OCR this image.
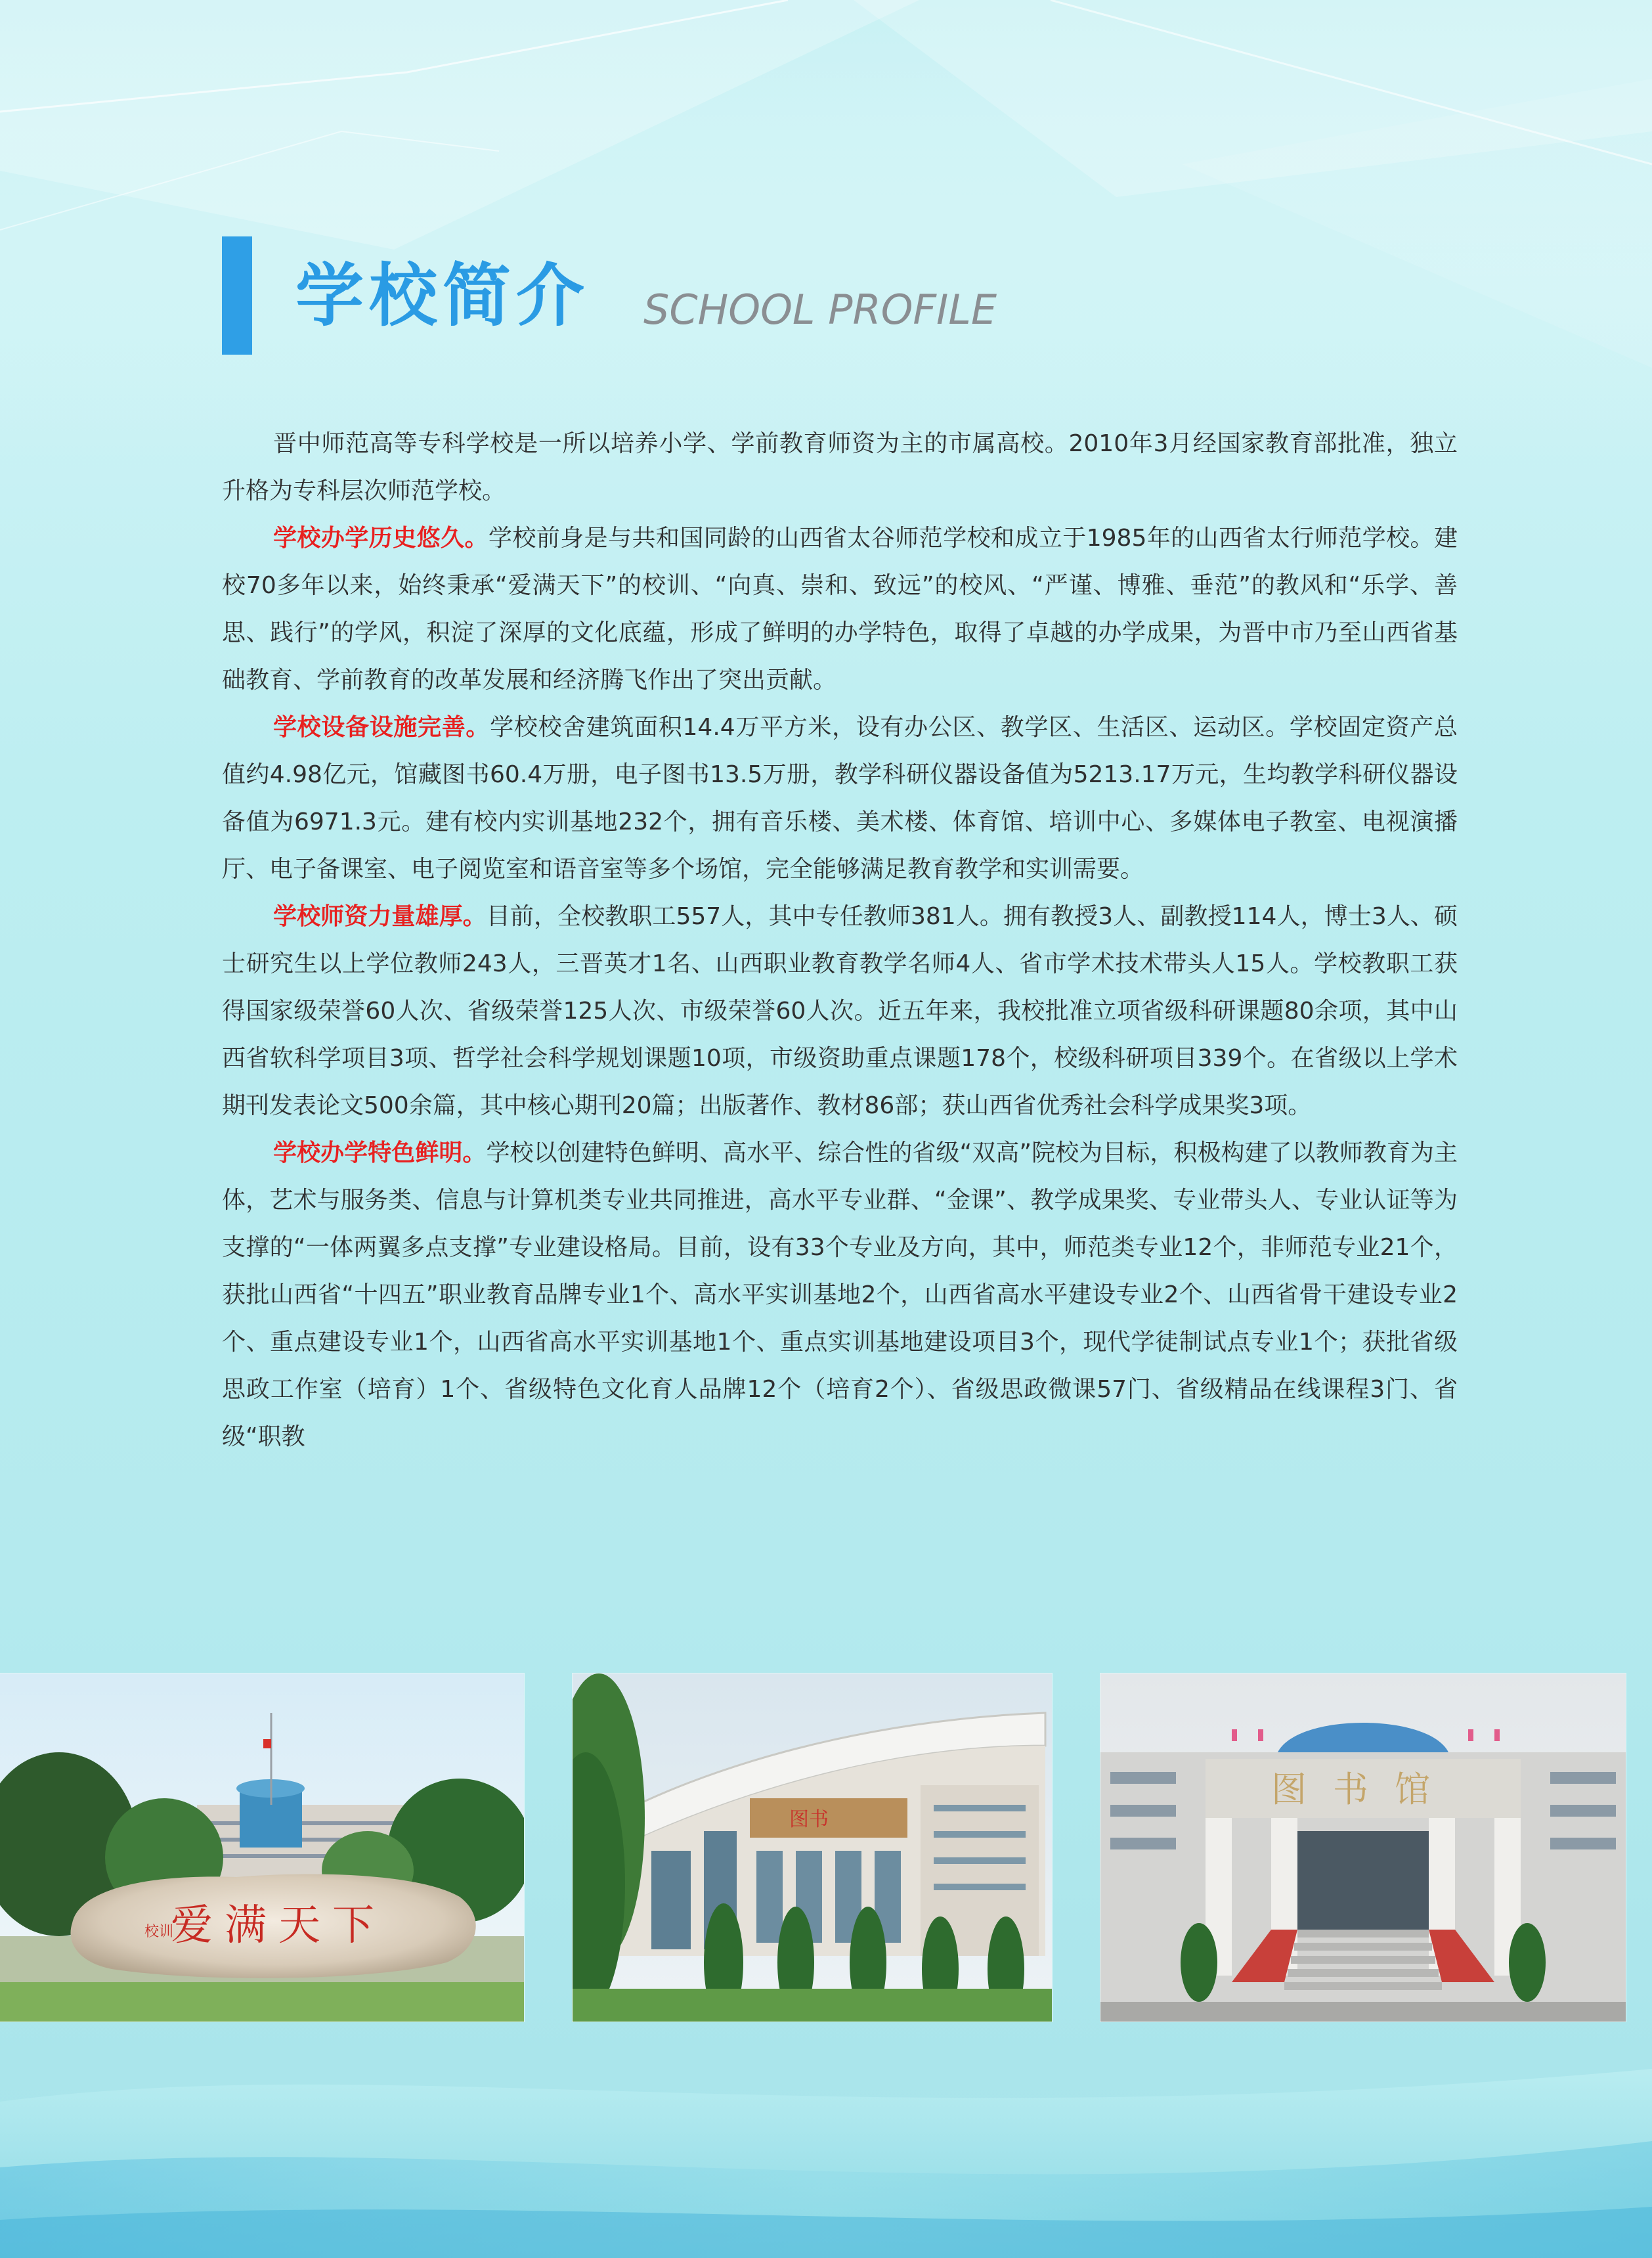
学校简介 SCHOOL PROFILE

晋中师范高等专科学校是一所以培养小学、学前教育师资为主的市属高校。2010年3月经国家教育部批准，独立升格为专科层次师范学校。

学校办学历史悠久。学校前身是与共和国同龄的山西省太谷师范学校和成立于1985年的山西省太行师范学校。建校70多年以来，始终秉承“爱满天下”的校训、“向真、崇和、致远”的校风、“严谨、博雅、垂范”的教风和“乐学、善思、践行”的学风，积淀了深厚的文化底蕴，形成了鲜明的办学特色，取得了卓越的办学成果，为晋中市乃至山西省基础教育、学前教育的改革发展和经济腾飞作出了突出贡献。

学校设备设施完善。学校校舍建筑面积14.4万平方米，设有办公区、教学区、生活区、运动区。学校固定资产总值约4.98亿元，馆藏图书60.4万册，电子图书13.5万册，教学科研仪器设备值为5213.17万元，生均教学科研仪器设备值为6971.3元。建有校内实训基地232个，拥有音乐楼、美术楼、体育馆、培训中心、多媒体电子教室、电视演播厅、电子备课室、电子阅览室和语音室等多个场馆，完全能够满足教育教学和实训需要。

学校师资力量雄厚。目前，全校教职工557人，其中专任教师381人。拥有教授3人、副教授114人，博士3人、硕士研究生以上学位教师243人，三晋英才1名、山西职业教育教学名师4人、省市学术技术带头人15人。学校教职工获得国家级荣誉60人次、省级荣誉125人次、市级荣誉60人次。近五年来，我校批准立项省级科研课题80余项，其中山西省软科学项目3项、哲学社会科学规划课题10项，市级资助重点课题178个，校级科研项目339个。在省级以上学术期刊发表论文500余篇，其中核心期刊20篇；出版著作、教材86部；获山西省优秀社会科学成果奖3项。

学校办学特色鲜明。学校以创建特色鲜明、高水平、综合性的省级“双高”院校为目标，积极构建了以教师教育为主体，艺术与服务类、信息与计算机类专业共同推进，高水平专业群、“金课”、教学成果奖、专业带头人、专业认证等为支撑的“一体两翼多点支撑”专业建设格局。目前，设有33个专业及方向，其中，师范类专业12个，非师范专业21个，获批山西省“十四五”职业教育品牌专业1个、高水平实训基地2个，山西省高水平建设专业2个、山西省骨干建设专业2个、重点建设专业1个，山西省高水平实训基地1个、重点实训基地建设项目3个，现代学徒制试点专业1个；获批省级思政工作室（培育）1个、省级特色文化育人品牌12个（培育2个）、省级思政微课57门、省级精品在线课程3门、省级“职教

爱满天下
校训
图书
图书馆
